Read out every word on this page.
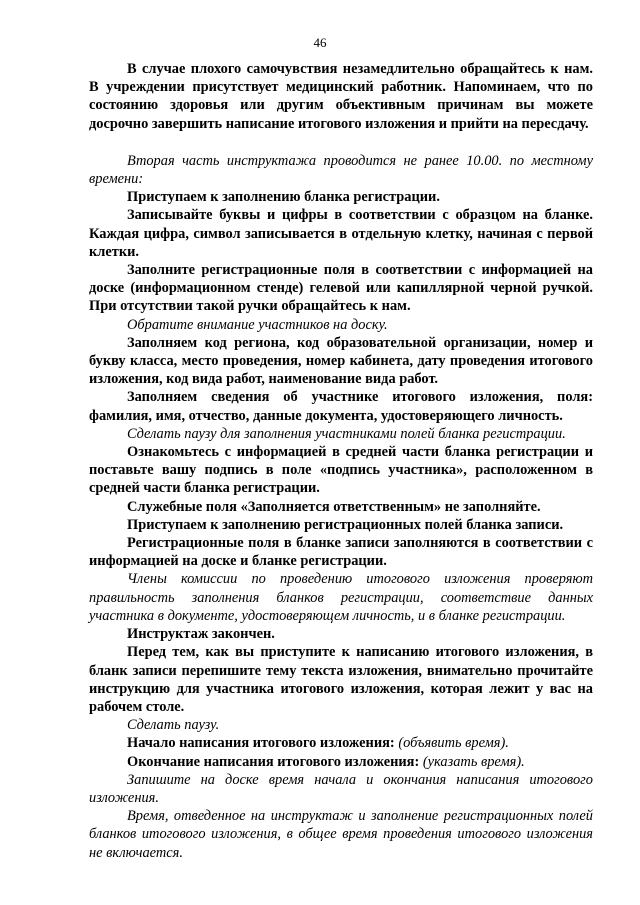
46

В случае плохого самочувствия незамедлительно обращайтесь к нам. В учреждении присутствует медицинский работник. Напоминаем, что по состоянию здоровья или другим объективным причинам вы можете досрочно завершить написание итогового изложения и прийти на пересдачу.

Вторая часть инструктажа проводится не ранее 10.00. по местному времени:

Приступаем к заполнению бланка регистрации.

Записывайте буквы и цифры в соответствии с образцом на бланке. Каждая цифра, символ записывается в отдельную клетку, начиная с первой клетки.

Заполните регистрационные поля в соответствии с информацией на доске (информационном стенде) гелевой или капиллярной черной ручкой. При отсутствии такой ручки обращайтесь к нам.

Обратите внимание участников на доску.

Заполняем код региона, код образовательной организации, номер и букву класса, место проведения, номер кабинета, дату проведения итогового изложения, код вида работ, наименование вида работ.

Заполняем сведения об участнике итогового изложения, поля: фамилия, имя, отчество, данные документа, удостоверяющего личность.

Сделать паузу для заполнения участниками полей бланка регистрации.

Ознакомьтесь с информацией в средней части бланка регистрации и поставьте вашу подпись в поле «подпись участника», расположенном в средней части бланка регистрации.

Служебные поля «Заполняется ответственным» не заполняйте.

Приступаем к заполнению регистрационных полей бланка записи.

Регистрационные поля в бланке записи заполняются в соответствии с информацией на доске и бланке регистрации.

Члены комиссии по проведению итогового изложения проверяют правильность заполнения бланков регистрации, соответствие данных участника в документе, удостоверяющем личность, и в бланке регистрации.

Инструктаж закончен.

Перед тем, как вы приступите к написанию итогового изложения, в бланк записи перепишите тему текста изложения, внимательно прочитайте инструкцию для участника итогового изложения, которая лежит у вас на рабочем столе.

Сделать паузу.

Начало написания итогового изложения: (объявить время).

Окончание написания итогового изложения: (указать время).

Запишите на доске время начала и окончания написания итогового изложения.

Время, отведенное на инструктаж и заполнение регистрационных полей бланков итогового изложения, в общее время проведения итогового изложения не включается.
